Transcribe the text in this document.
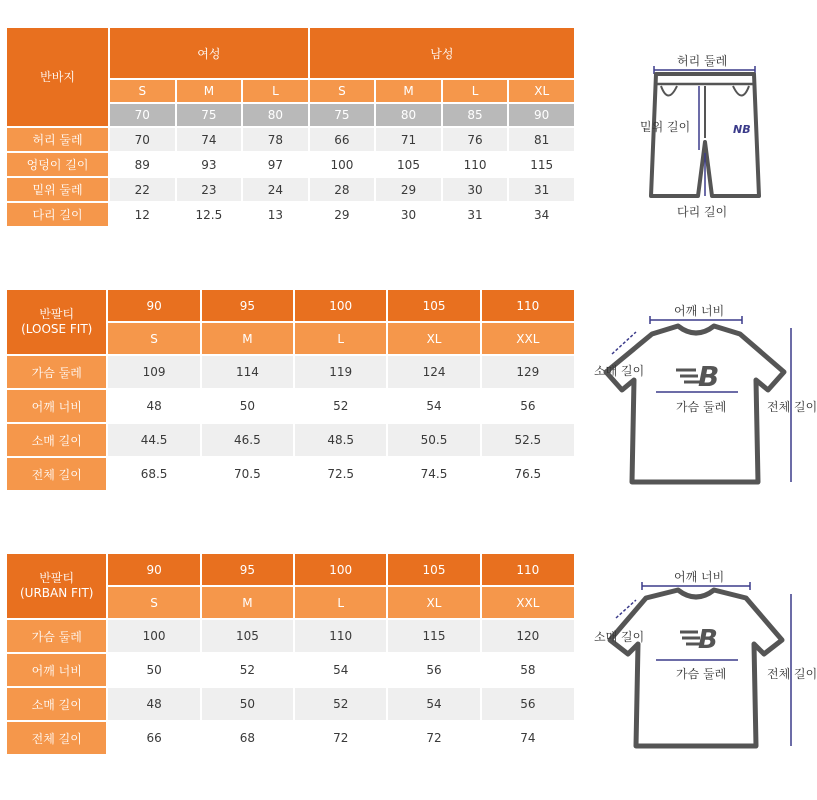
반바지	여성			남성			
	S	M	L	S	M	L	XL
	70	75	80	75	80	85	90
허리 둘레	70	74	78	66	71	76	81
엉덩이 길이	89	93	97	100	105	110	115
밑위 둘레	22	23	24	28	29	30	31
다리 길이	12	12.5	13	29	30	31	34
반팔티
(LOOSE FIT)	90	95	100	105	110
	S	M	L	XL	XXL
가슴 둘레	109	114	119	124	129
어깨 너비	48	50	52	54	56
소매 길이	44.5	46.5	48.5	50.5	52.5
전체 길이	68.5	70.5	72.5	74.5	76.5
반팔티
(URBAN FIT)	90	95	100	105	110
	S	M	L	XL	XXL
가슴 둘레	100	105	110	115	120
어깨 너비	50	52	54	56	58
소매 길이	48	50	52	54	56
전체 길이	66	68	72	72	74
NB
허리 둘레
밑위 길이
다리 길이
B
어깨 너비
소매 길이
가슴 둘레	전체 길이
B
어깨 너비
소매 길이
가슴 둘레	전체 길이
